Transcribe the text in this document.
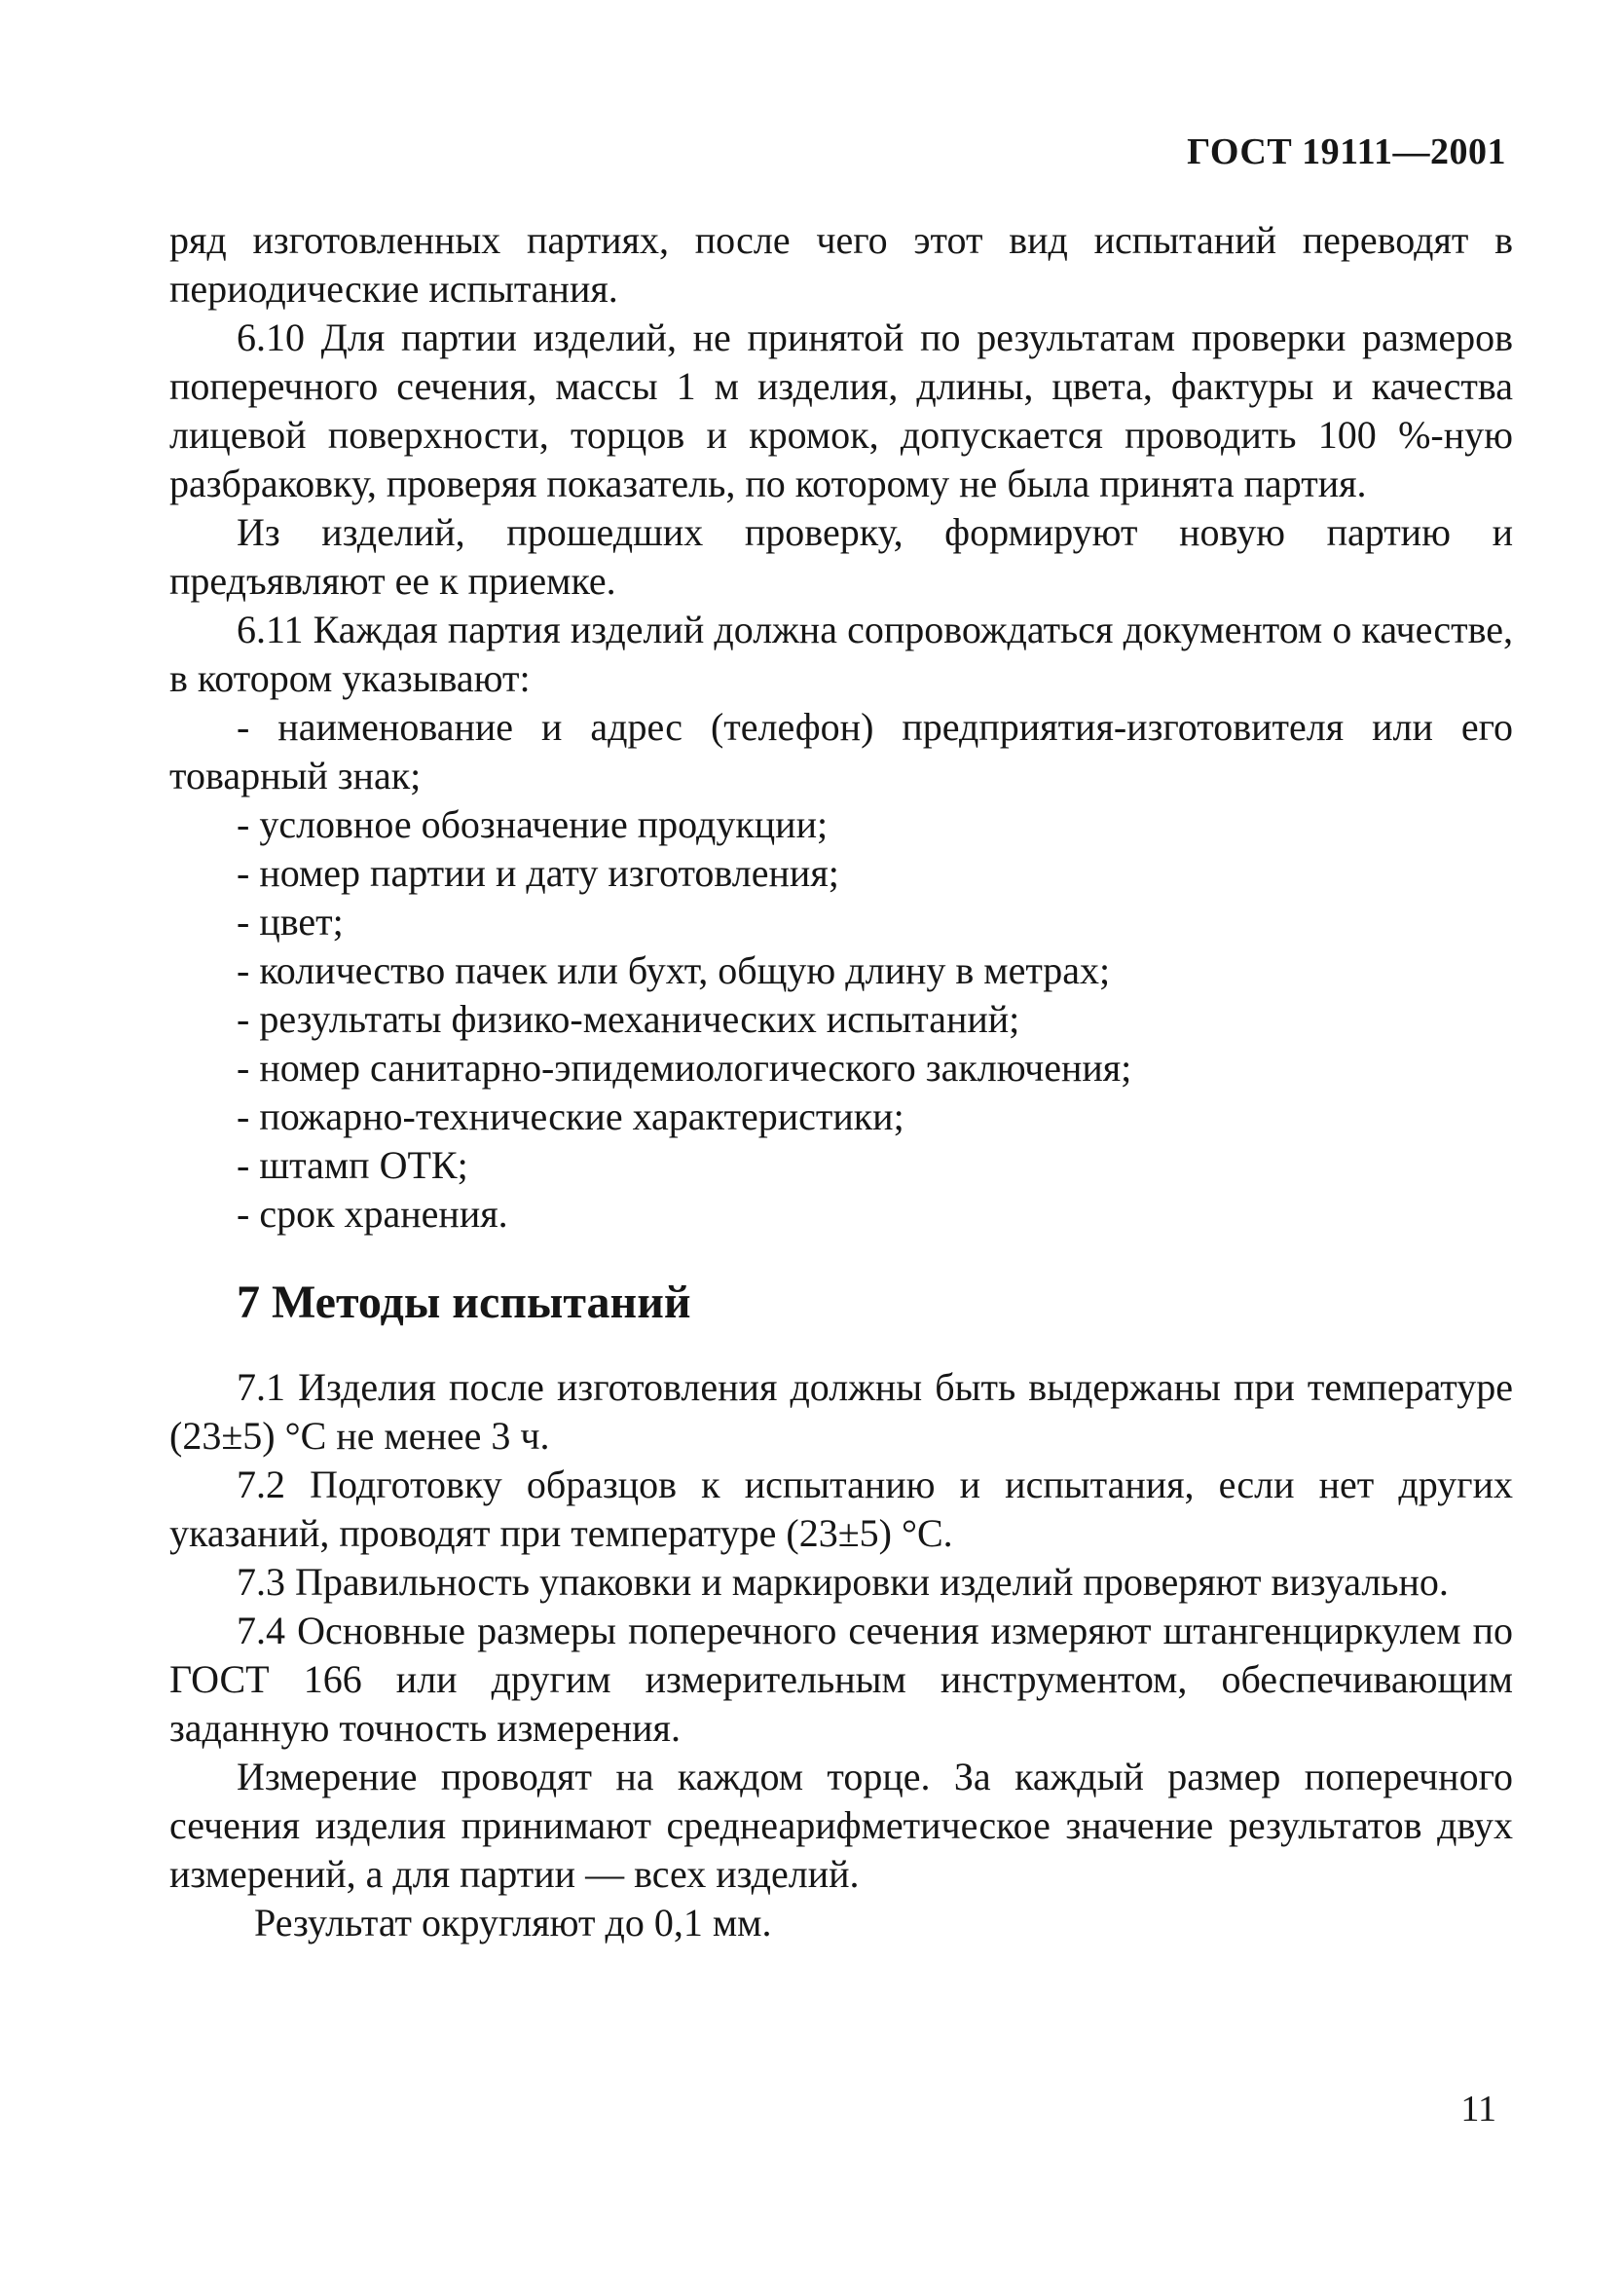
ГОСТ 19111—2001

ряд изготовленных партиях, после чего этот вид испытаний переводят в периодические испытания.

6.10 Для партии изделий, не принятой по результатам проверки размеров поперечного сечения, массы 1 м изделия, длины, цвета, фактуры и качества лицевой поверхности, торцов и кромок, допускается проводить 100 %-ную разбраковку, проверяя показатель, по которому не была принята партия.

Из изделий, прошедших проверку, формируют новую партию и предъявляют ее к приемке.

6.11 Каждая партия изделий должна сопровождаться документом о качестве, в котором указывают:

- наименование и адрес (телефон) предприятия-изготовителя или его товарный знак;

- условное обозначение продукции;

- номер партии и дату изготовления;

- цвет;

- количество пачек или бухт, общую длину в метрах;

- результаты физико-механических испытаний;

- номер санитарно-эпидемиологического заключения;

- пожарно-технические характеристики;

- штамп ОТК;

- срок хранения.

7 Методы испытаний

7.1 Изделия после изготовления должны быть выдержаны при температуре (23±5) °С не менее 3 ч.

7.2 Подготовку образцов к испытанию и испытания, если нет других указаний, проводят при температуре (23±5) °С.

7.3 Правильность упаковки и маркировки изделий проверяют визуально.

7.4 Основные размеры поперечного сечения измеряют штангенциркулем по ГОСТ 166 или другим измерительным инструментом, обеспечивающим заданную точность измерения.

Измерение проводят на каждом торце. За каждый размер поперечного сечения изделия принимают среднеарифметическое значение результатов двух измерений, а для партии — всех изделий.

Результат округляют до 0,1 мм.

11
